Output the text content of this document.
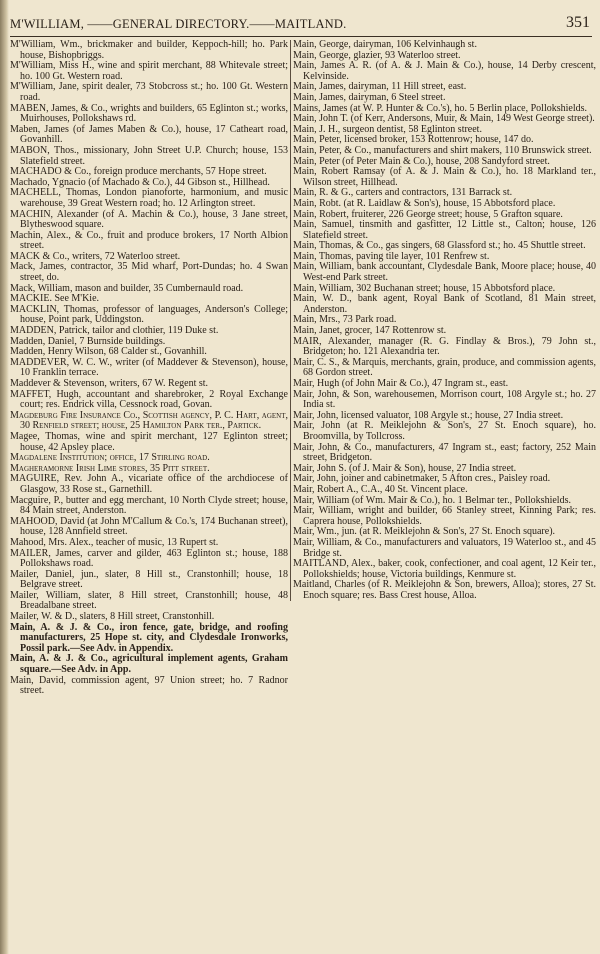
M'WILLIAM, ——GENERAL DIRECTORY.——MAITLAND.	351

M'William, Wm., brickmaker and builder, Keppoch-hill; ho. Park house, Bishopbriggs.

M'William, Miss H., wine and spirit merchant, 88 Whitevale street; ho. 100 Gt. Western road.

M'William, Jane, spirit dealer, 73 Stobcross st.; ho. 100 Gt. Western road.

MABEN, James, & Co., wrights and builders, 65 Eglinton st.; works, Muirhouses, Pollokshaws rd.

Maben, James (of James Maben & Co.), house, 17 Catheart road, Govanhill.

MABON, Thos., missionary, John Street U.P. Church; house, 153 Slatefield street.

MACHADO & Co., foreign produce merchants, 57 Hope street.

Machado, Ygnacio (of Machado & Co.), 44 Gibson st., Hillhead.

MACHELL, Thomas, London pianoforte, harmonium, and music warehouse, 39 Great Western road; ho. 12 Arlington street.

MACHIN, Alexander (of A. Machin & Co.), house, 3 Jane street, Blytheswood square.

Machin, Alex., & Co., fruit and produce brokers, 17 North Albion street.

MACK & Co., writers, 72 Waterloo street.

Mack, James, contractor, 35 Mid wharf, Port-Dundas; ho. 4 Swan street, do.

Mack, William, mason and builder, 35 Cumbernauld road.

MACKIE. See M'Kie.

MACKLIN, Thomas, professor of languages, Anderson's College; house, Point park, Uddingston.

MADDEN, Patrick, tailor and clothier, 119 Duke st.

Madden, Daniel, 7 Burnside buildings.

Madden, Henry Wilson, 68 Calder st., Govanhill.

MADDEVER, W. C. W., writer (of Maddever & Stevenson), house, 10 Franklin terrace.

Maddever & Stevenson, writers, 67 W. Regent st.

MAFFET, Hugh, accountant and sharebroker, 2 Royal Exchange court; res. Endrick villa, Cessnock road, Govan.

Magdeburg Fire Insurance Co., Scottish agency, P. C. Hart, agent, 30 Renfield street; house, 25 Hamilton Park ter., Partick.

Magee, Thomas, wine and spirit merchant, 127 Eglinton street; house, 42 Apsley place.

Magdalene Institution; office, 17 Stirling road.

Magheramorne Irish Lime stores, 35 Pitt street.

MAGUIRE, Rev. John A., vicariate office of the archdiocese of Glasgow, 33 Rose st., Garnethill.

Macguire, P., butter and egg merchant, 10 North Clyde street; house, 84 Main street, Anderston.

MAHOOD, David (at John M'Callum & Co.'s, 174 Buchanan street), house, 128 Annfield street.

Mahood, Mrs. Alex., teacher of music, 13 Rupert st.

MAILER, James, carver and gilder, 463 Eglinton st.; house, 188 Pollokshaws road.

Mailer, Daniel, jun., slater, 8 Hill st., Cranstonhill; house, 18 Belgrave street.

Mailer, William, slater, 8 Hill street, Cranstonhill; house, 48 Breadalbane street.

Mailer, W. & D., slaters, 8 Hill street, Cranstonhill.

Main, A. & J. & Co., iron fence, gate, bridge, and roofing manufacturers, 25 Hope st. city, and Clydesdale Ironworks, Possil park.—See Adv. in Appendix.

Main, A. & J. & Co., agricultural implement agents, Graham square.—See Adv. in App.

Main, David, commission agent, 97 Union street; ho. 7 Radnor street.

Main, George, dairyman, 106 Kelvinhaugh st.

Main, George, glazier, 93 Waterloo street.

Main, James A. R. (of A. & J. Main & Co.), house, 14 Derby crescent, Kelvinside.

Main, James, dairyman, 11 Hill street, east.

Main, James, dairyman, 6 Steel street.

Mains, James (at W. P. Hunter & Co.'s), ho. 5 Berlin place, Pollokshields.

Main, John T. (of Kerr, Andersons, Muir, & Main, 149 West George street).

Main, J. H., surgeon dentist, 58 Eglinton street.

Main, Peter, licensed broker, 153 Rottenrow; house, 147 do.

Main, Peter, & Co., manufacturers and shirt makers, 110 Brunswick street.

Main, Peter (of Peter Main & Co.), house, 208 Sandyford street.

Main, Robert Ramsay (of A. & J. Main & Co.), ho. 18 Markland ter., Wilson street, Hillhead.

Main, R. & G., carters and contractors, 131 Barrack st.

Main, Robt. (at R. Laidlaw & Son's), house, 15 Abbotsford place.

Main, Robert, fruiterer, 226 George street; house, 5 Grafton square.

Main, Samuel, tinsmith and gasfitter, 12 Little st., Calton; house, 126 Slatefield street.

Main, Thomas, & Co., gas singers, 68 Glassford st.; ho. 45 Shuttle street.

Main, Thomas, paving tile layer, 101 Renfrew st.

Main, William, bank accountant, Clydesdale Bank, Moore place; house, 40 West-end Park street.

Main, William, 302 Buchanan street; house, 15 Abbotsford place.

Main, W. D., bank agent, Royal Bank of Scotland, 81 Main street, Anderston.

Main, Mrs., 73 Park road.

Main, Janet, grocer, 147 Rottenrow st.

MAIR, Alexander, manager (R. G. Findlay & Bros.), 79 John st., Bridgeton; ho. 121 Alexandria ter.

Mair, C. S., & Marquis, merchants, grain, produce, and commission agents, 68 Gordon street.

Mair, Hugh (of John Mair & Co.), 47 Ingram st., east.

Mair, John, & Son, warehousemen, Morrison court, 108 Argyle st.; ho. 27 India st.

Mair, John, licensed valuator, 108 Argyle st.; house, 27 India street.

Mair, John (at R. Meiklejohn & Son's, 27 St. Enoch square), ho. Broomvilla, by Tollcross.

Mair, John, & Co., manufacturers, 47 Ingram st., east; factory, 252 Main street, Bridgeton.

Mair, John S. (of J. Mair & Son), house, 27 India street.

Mair, John, joiner and cabinetmaker, 5 Afton cres., Paisley road.

Mair, Robert A., C.A., 40 St. Vincent place.

Mair, William (of Wm. Mair & Co.), ho. 1 Belmar ter., Pollokshields.

Mair, William, wright and builder, 66 Stanley street, Kinning Park; res. Caprera house, Pollokshields.

Mair, Wm., jun. (at R. Meiklejohn & Son's, 27 St. Enoch square).

Mair, William, & Co., manufacturers and valuators, 19 Waterloo st., and 45 Bridge st.

MAITLAND, Alex., baker, cook, confectioner, and coal agent, 12 Keir ter., Pollokshields; house, Victoria buildings, Kenmure st.

Maitland, Charles (of R. Meiklejohn & Son, brewers, Alloa); stores, 27 St. Enoch square; res. Bass Crest house, Alloa.
